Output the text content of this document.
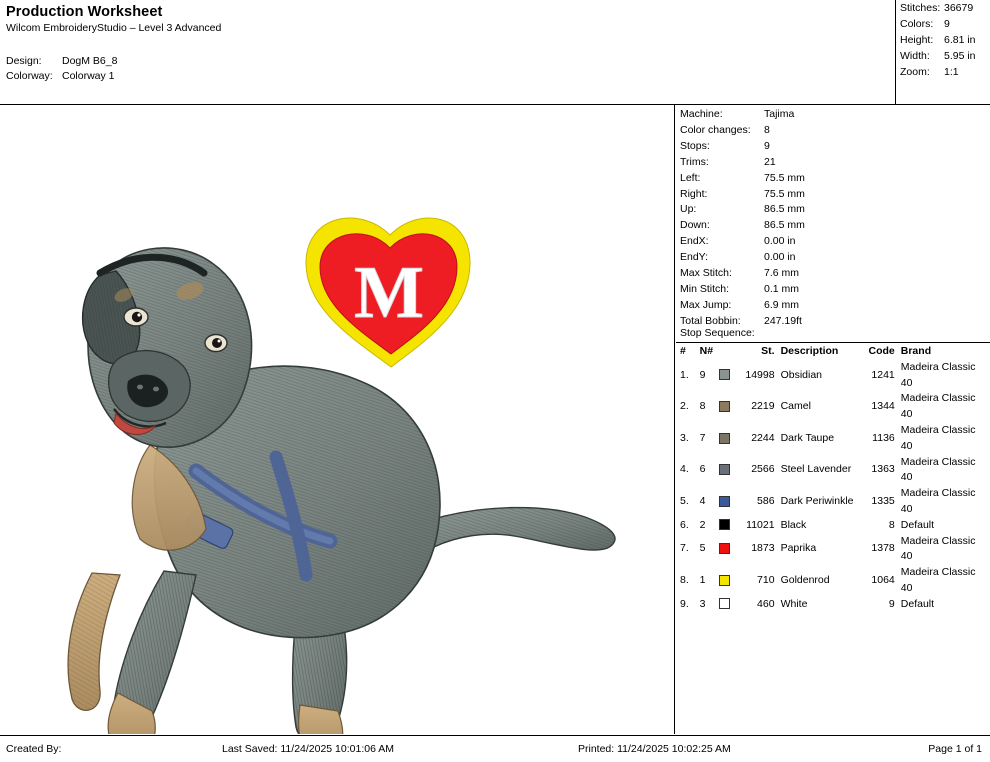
Production Worksheet
Wilcom EmbroideryStudio – Level 3 Advanced
Design:	DogM B6_8
Colorway: Colorway 1
Stitches: 36679
Colors:	9
Height:	6.81 in
Width:	5.95 in
Zoom:	1:1
M
Machine:	Tajima
Color changes:	8
Stops:	9
Trims:	21
Left:	75.5 mm
Right:	75.5 mm
Up:	86.5 mm
Down:	86.5 mm
EndX:	0.00 in
EndY:	0.00 in
Max Stitch:	7.6 mm
Min Stitch:	0.1 mm
Max Jump:	6.9 mm
Total Bobbin:	247.19ft
Stop Sequence:
#	N#	St. Description	Code Brand
1.	9	14998 Obsidian	1241
Madeira Classic 40
2.	8	2219 Camel	1344
Madeira Classic 40
3.	7	2244 Dark Taupe	1136
Madeira Classic 40
4.	6	2566 Steel Lavender	1363
Madeira Classic 40
5.	4	586 Dark Periwinkle	1335
Madeira Classic 40
6.	2	11021 Black	8 Default
7.	5	1873 Paprika	1378
Madeira Classic 40
8.	1	710 Goldenrod	1064
Madeira Classic 40
9.	3	460 White	9 Default
Created By:	Last Saved: 11/24/2025 10:01:06 AM	Printed: 11/24/2025 10:02:25 AM	Page 1 of 1
